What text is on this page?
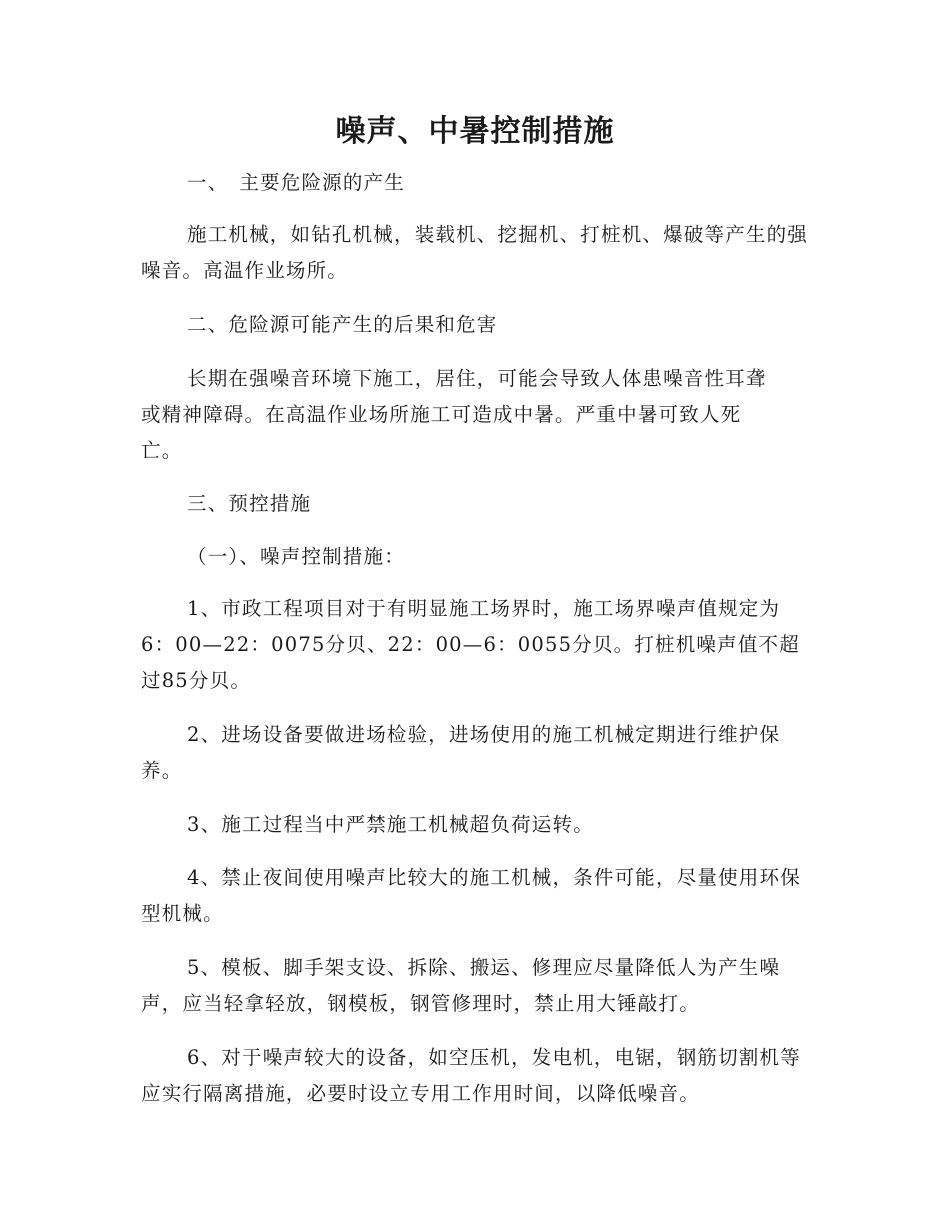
噪声、中暑控制措施

一、　主要危险源的产生

施工机械，如钻孔机械，装载机、挖掘机、打桩机、爆破等产生的强噪音。高温作业场所。

二、危险源可能产生的后果和危害

长期在强噪音环境下施工，居住，可能会导致人体患噪音性耳聋或精神障碍。在高温作业场所施工可造成中暑。严重中暑可致人死亡。

三、预控措施

（一）、噪声控制措施：

1、市政工程项目对于有明显施工场界时，施工场界噪声值规定为6：00—22：0075分贝、22：00—6：0055分贝。打桩机噪声值不超过85分贝。

2、进场设备要做进场检验，进场使用的施工机械定期进行维护保养。

3、施工过程当中严禁施工机械超负荷运转。

4、禁止夜间使用噪声比较大的施工机械，条件可能，尽量使用环保型机械。

5、模板、脚手架支设、拆除、搬运、修理应尽量降低人为产生噪声，应当轻拿轻放，钢模板，钢管修理时，禁止用大锤敲打。

6、对于噪声较大的设备，如空压机，发电机，电锯，钢筋切割机等应实行隔离措施，必要时设立专用工作用时间，以降低噪音。
